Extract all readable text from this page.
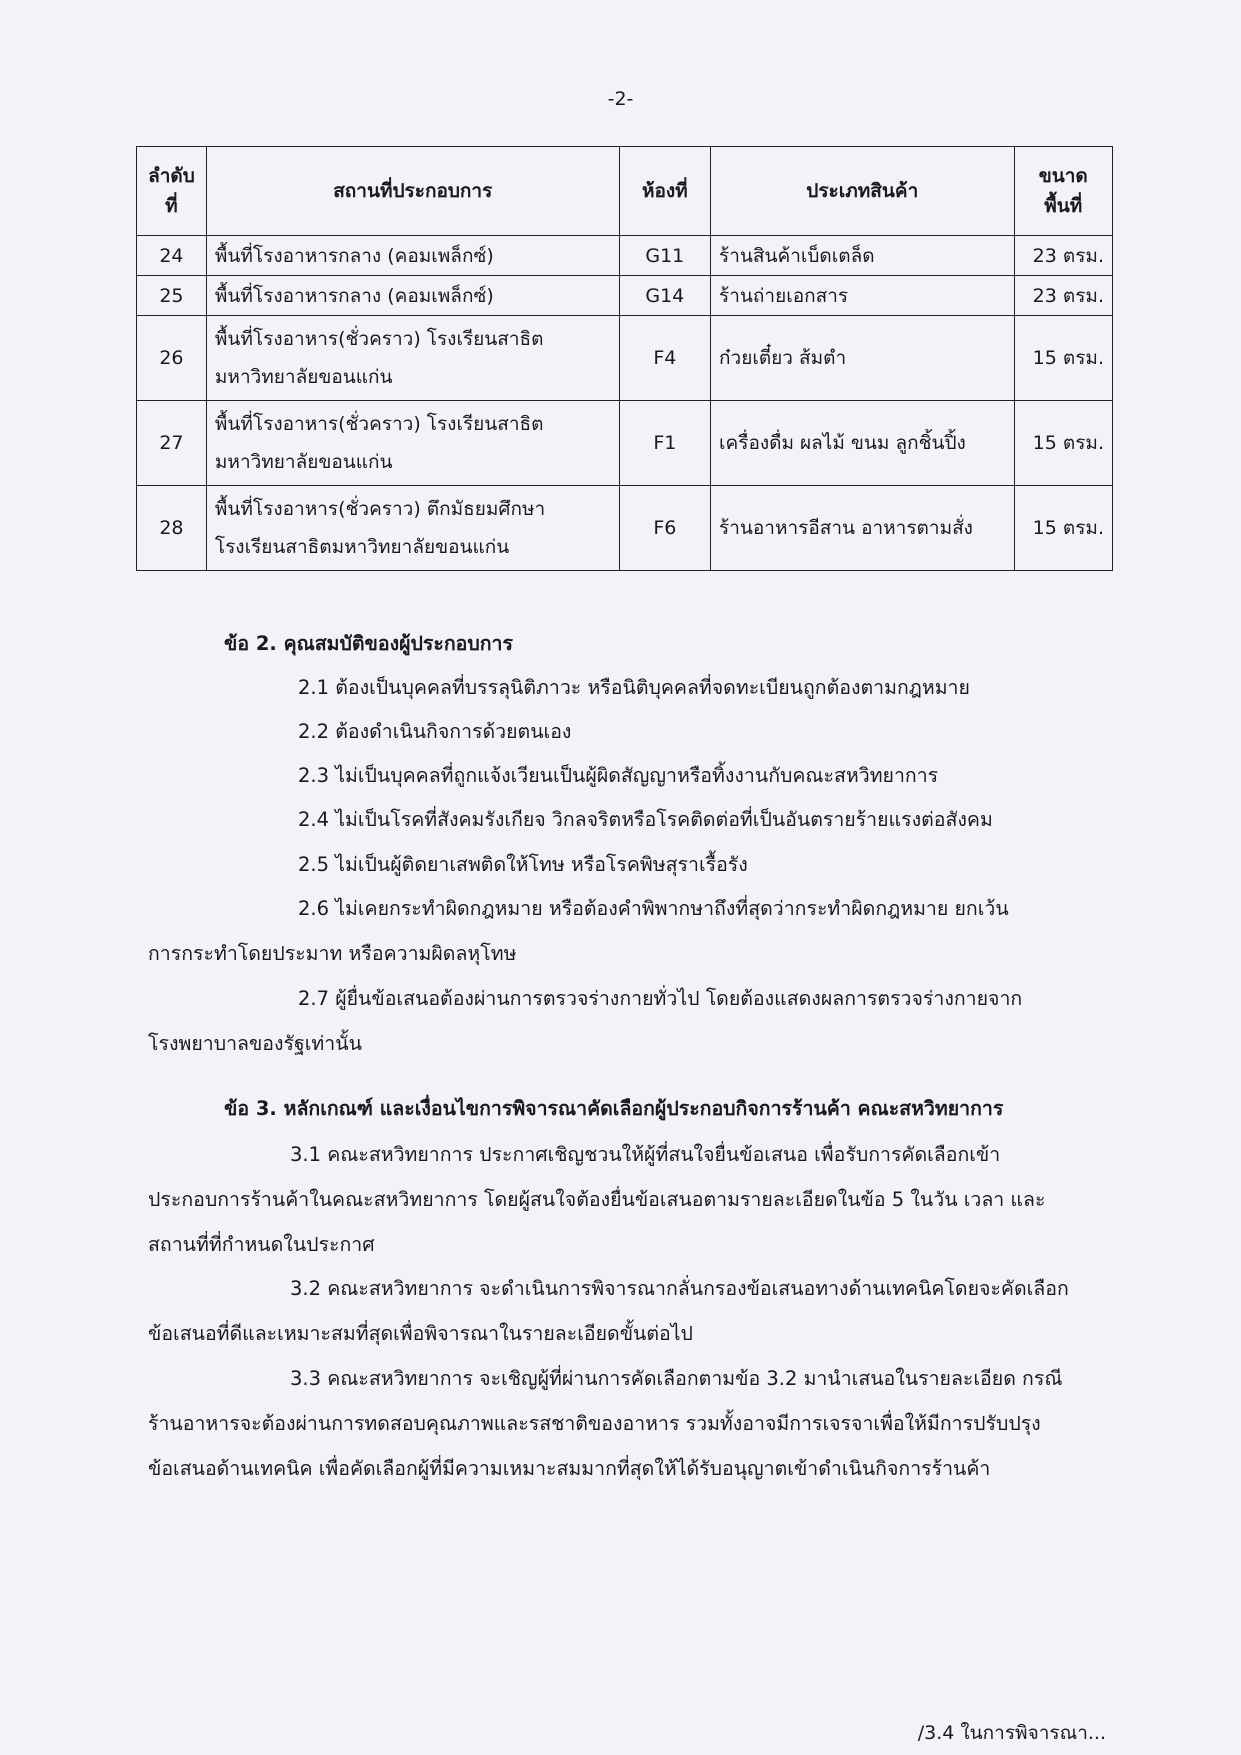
-2-
ลำดับ
ที่	สถานที่ประกอบการ	ห้องที่	ประเภทสินค้า	ขนาด
พื้นที่
24	พื้นที่โรงอาหารกลาง (คอมเพล็กซ์)	G11	ร้านสินค้าเบ็ดเตล็ด	23 ตรม.
25	พื้นที่โรงอาหารกลาง (คอมเพล็กซ์)	G14	ร้านถ่ายเอกสาร	23 ตรม.
26	พื้นที่โรงอาหาร(ชั่วคราว) โรงเรียนสาธิต
มหาวิทยาลัยขอนแก่น	F4	ก๋วยเตี๋ยว ส้มตำ	15 ตรม.
27	พื้นที่โรงอาหาร(ชั่วคราว) โรงเรียนสาธิต
มหาวิทยาลัยขอนแก่น	F1	เครื่องดื่ม ผลไม้ ขนม ลูกชิ้นปิ้ง	15 ตรม.
28	พื้นที่โรงอาหาร(ชั่วคราว) ตึกมัธยมศึกษา
โรงเรียนสาธิตมหาวิทยาลัยขอนแก่น	F6	ร้านอาหารอีสาน อาหารตามสั่ง	15 ตรม.
ข้อ 2. คุณสมบัติของผู้ประกอบการ
2.1 ต้องเป็นบุคคลที่บรรลุนิติภาวะ หรือนิติบุคคลที่จดทะเบียนถูกต้องตามกฎหมาย
2.2 ต้องดำเนินกิจการด้วยตนเอง
2.3 ไม่เป็นบุคคลที่ถูกแจ้งเวียนเป็นผู้ผิดสัญญาหรือทิ้งงานกับคณะสหวิทยาการ
2.4 ไม่เป็นโรคที่สังคมรังเกียจ วิกลจริตหรือโรคติดต่อที่เป็นอันตรายร้ายแรงต่อสังคม
2.5 ไม่เป็นผู้ติดยาเสพติดให้โทษ หรือโรคพิษสุราเรื้อรัง
2.6 ไม่เคยกระทำผิดกฎหมาย หรือต้องคำพิพากษาถึงที่สุดว่ากระทำผิดกฎหมาย ยกเว้น
การกระทำโดยประมาท หรือความผิดลหุโทษ
2.7 ผู้ยื่นข้อเสนอต้องผ่านการตรวจร่างกายทั่วไป โดยต้องแสดงผลการตรวจร่างกายจาก
โรงพยาบาลของรัฐเท่านั้น
ข้อ 3. หลักเกณฑ์ และเงื่อนไขการพิจารณาคัดเลือกผู้ประกอบกิจการร้านค้า คณะสหวิทยาการ
3.1 คณะสหวิทยาการ ประกาศเชิญชวนให้ผู้ที่สนใจยื่นข้อเสนอ เพื่อรับการคัดเลือกเข้า
ประกอบการร้านค้าในคณะสหวิทยาการ โดยผู้สนใจต้องยื่นข้อเสนอตามรายละเอียดในข้อ 5 ในวัน เวลา และ
สถานที่ที่กำหนดในประกาศ
3.2 คณะสหวิทยาการ จะดำเนินการพิจารณากลั่นกรองข้อเสนอทางด้านเทคนิคโดยจะคัดเลือก
ข้อเสนอที่ดีและเหมาะสมที่สุดเพื่อพิจารณาในรายละเอียดขั้นต่อไป
3.3 คณะสหวิทยาการ จะเชิญผู้ที่ผ่านการคัดเลือกตามข้อ 3.2 มานำเสนอในรายละเอียด กรณี
ร้านอาหารจะต้องผ่านการทดสอบคุณภาพและรสชาติของอาหาร รวมทั้งอาจมีการเจรจาเพื่อให้มีการปรับปรุง
ข้อเสนอด้านเทคนิค เพื่อคัดเลือกผู้ที่มีความเหมาะสมมากที่สุดให้ได้รับอนุญาตเข้าดำเนินกิจการร้านค้า
/3.4 ในการพิจารณา...
